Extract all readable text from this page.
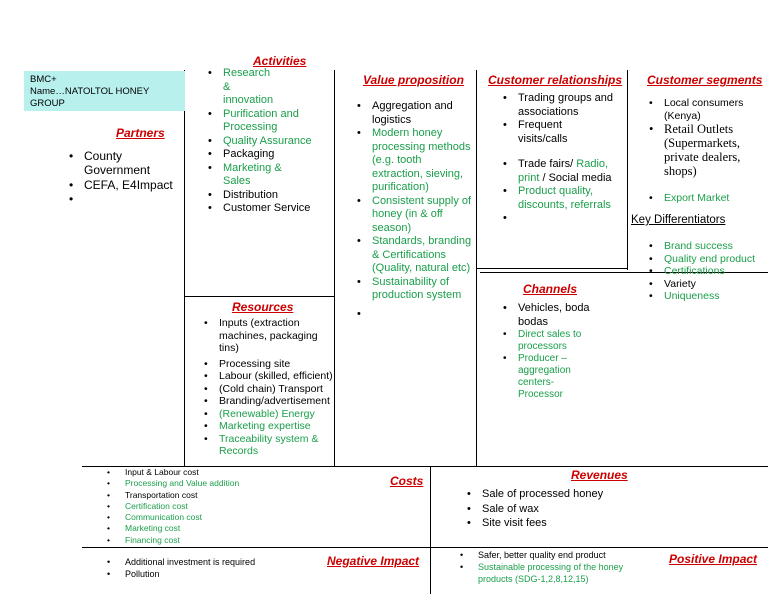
BMC+
Name…NATOLTOL HONEY
GROUP
Partners
• County Government
• CEFA, E4Impact
•
Activities
• Research & innovation
• Purification and Processing
• Quality Assurance
• Packaging
• Marketing & Sales
• Distribution
• Customer Service
Resources
• Inputs (extraction machines, packaging tins)
• Processing site
• Labour (skilled, efficient)
• (Cold chain) Transport
• Branding/advertisement
• (Renewable) Energy
• Marketing expertise
• Traceability system & Records
Value proposition
• Aggregation and logistics
• Modern honey processing methods (e.g. tooth extraction, sieving, purification)
• Consistent supply of honey (in & off season)
• Standards, branding & Certifications (Quality, natural etc)
• Sustainability of production system
•
Customer relationships
• Trading groups and associations
• Frequent visits/calls
• Trade fairs/ Radio, print / Social media
• Product quality, discounts, referrals
•
Channels
• Vehicles, boda bodas
• Direct sales to processors
• Producer – aggregation centers- Processor
Customer segments
• Local consumers (Kenya)
• Retail Outlets (Supermarkets, private dealers, shops)
• Export Market
Key Differentiators
• Brand success
• Quality end product
• Certifications
• Variety
• Uniqueness
Costs
• Input & Labour cost
• Processing and Value addition
• Transportation cost
• Certification cost
• Communication cost
• Marketing cost
• Financing cost
Revenues
• Sale of processed honey
• Sale of wax
• Site visit fees
Negative Impact
• Additional investment is required
• Pollution
Positive Impact
• Safer, better quality end product
• Sustainable processing of the honey products (SDG-1,2,8,12,15)
